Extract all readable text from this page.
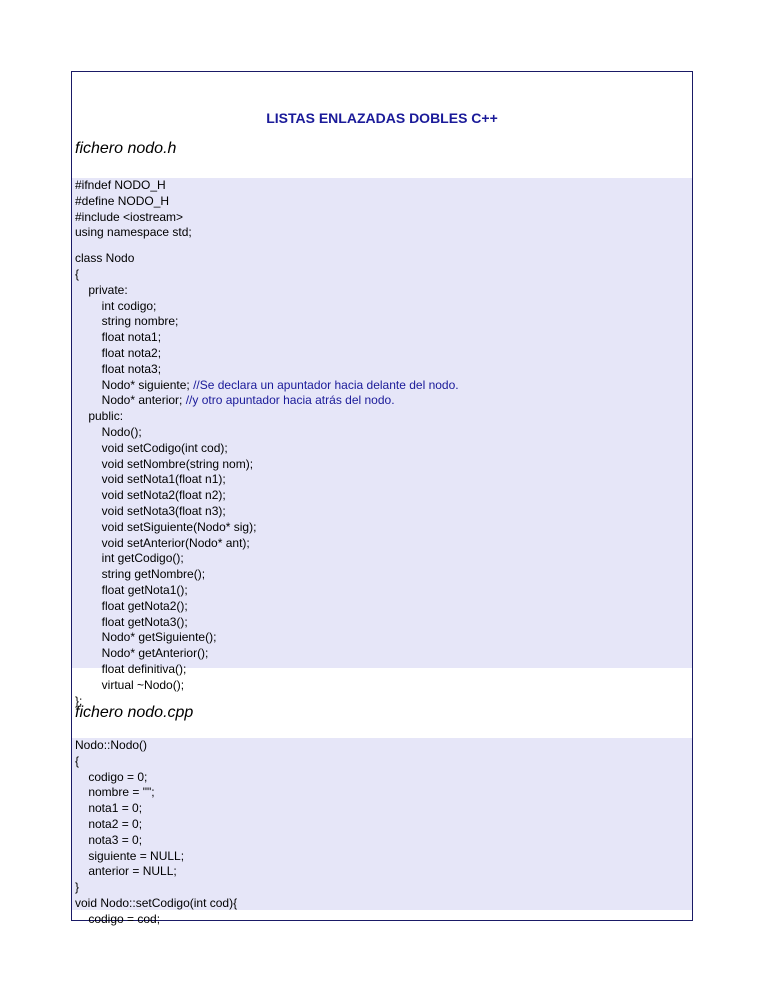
LISTAS ENLAZADAS DOBLES C++
fichero nodo.h
#ifndef NODO_H
#define NODO_H
#include <iostream>
using namespace std;
class Nodo
{
private:
int codigo;
string nombre;
float nota1;
float nota2;
float nota3;
Nodo* siguiente; //Se declara un apuntador hacia delante del nodo.
Nodo* anterior; //y otro apuntador hacia atrás del nodo.
public:
Nodo();
void setCodigo(int cod);
void setNombre(string nom);
void setNota1(float n1);
void setNota2(float n2);
void setNota3(float n3);
void setSiguiente(Nodo* sig);
void setAnterior(Nodo* ant);
int getCodigo();
string getNombre();
float getNota1();
float getNota2();
float getNota3();
Nodo* getSiguiente();
Nodo* getAnterior();
float definitiva();
virtual ~Nodo();
};
fichero nodo.cpp
Nodo::Nodo()
{
codigo = 0;
nombre = "";
nota1 = 0;
nota2 = 0;
nota3 = 0;
siguiente = NULL;
anterior = NULL;
}
void Nodo::setCodigo(int cod){
codigo = cod;
